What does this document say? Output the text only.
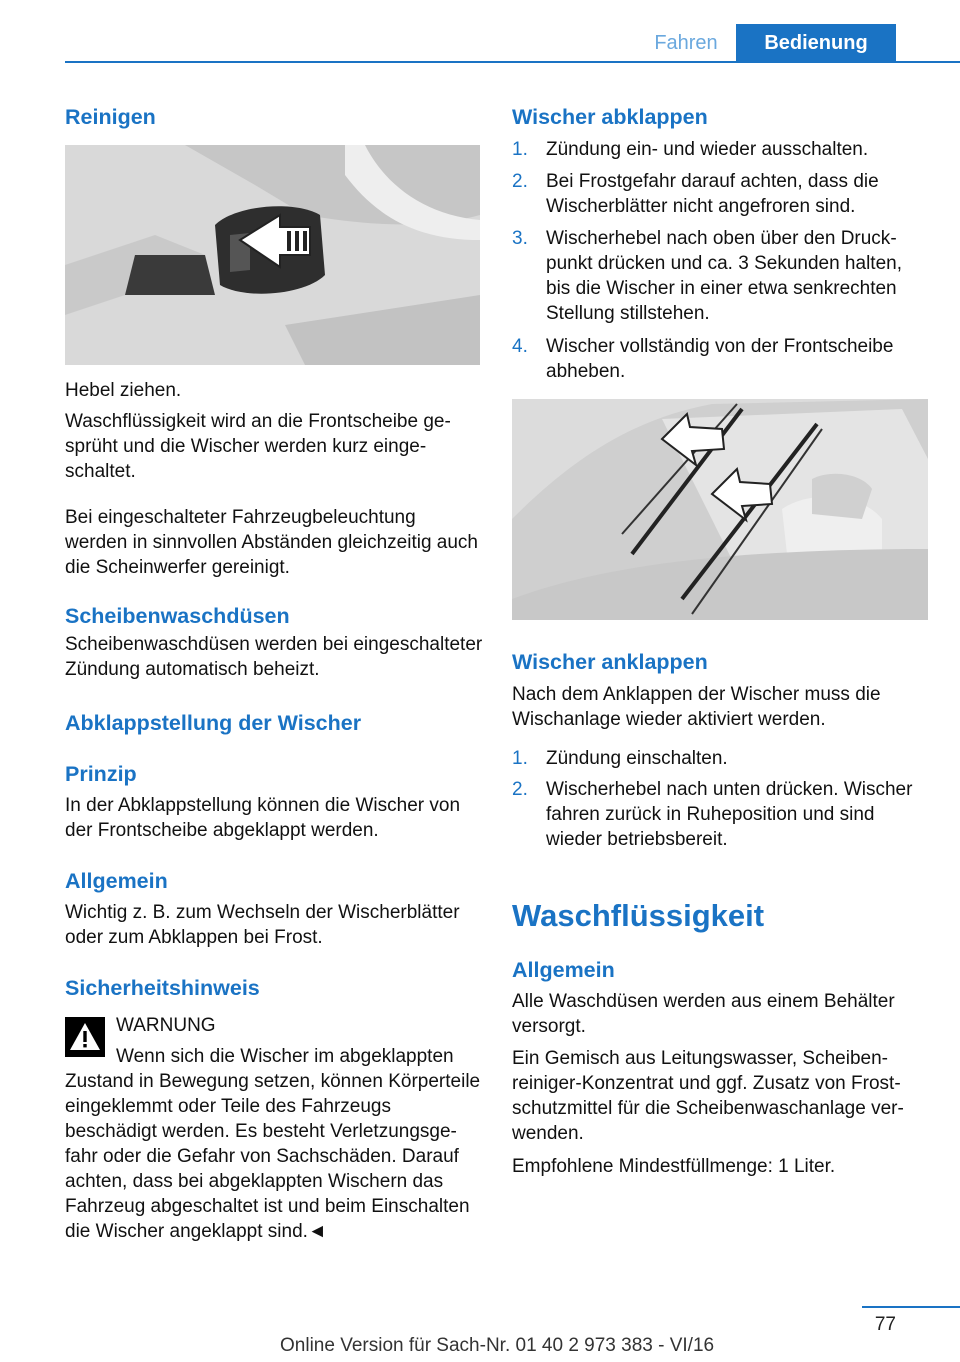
Fahren	Bedienung
Reinigen
Hebel ziehen.
Waschflüssigkeit wird an die Frontscheibe gesprüht und die Wischer werden kurz eingeschaltet.
Bei eingeschalteter Fahrzeugbeleuchtung werden in sinnvollen Abständen gleichzeitig auch die Scheinwerfer gereinigt.
Scheibenwaschdüsen
Scheibenwaschdüsen werden bei eingeschalteter Zündung automatisch beheizt.
Abklappstellung der Wischer
Prinzip
In der Abklappstellung können die Wischer von der Frontscheibe abgeklappt werden.
Allgemein
Wichtig z. B. zum Wechseln der Wischerblätter oder zum Abklappen bei Frost.
Sicherheitshinweis
WARNUNG
Wenn sich die Wischer im abgeklappten
Zustand in Bewegung setzen, können Körperteile eingeklemmt oder Teile des Fahrzeugs beschädigt werden. Es besteht Verletzungsgefahr oder die Gefahr von Sachschäden. Darauf achten, dass bei abgeklappten Wischern das Fahrzeug abgeschaltet ist und beim Einschalten die Wischer angeklappt sind.◄
Wischer abklappen
1. Zündung ein- und wieder ausschalten.
2. Bei Frostgefahr darauf achten, dass die Wischerblätter nicht angefroren sind.
3. Wischerhebel nach oben über den Druckpunkt drücken und ca. 3 Sekunden halten, bis die Wischer in einer etwa senkrechten Stellung stillstehen.
4. Wischer vollständig von der Frontscheibe abheben.
Wischer anklappen
Nach dem Anklappen der Wischer muss die Wischanlage wieder aktiviert werden.
1. Zündung einschalten.
2. Wischerhebel nach unten drücken. Wischer fahren zurück in Ruheposition und sind wieder betriebsbereit.
Waschflüssigkeit
Allgemein
Alle Waschdüsen werden aus einem Behälter versorgt.
Ein Gemisch aus Leitungswasser, Scheibenreiniger-Konzentrat und ggf. Zusatz von Frostschutzmittel für die Scheibenwaschanlage verwenden.
Empfohlene Mindestfüllmenge: 1 Liter.
77
Online Version für Sach-Nr. 01 40 2 973 383 - VI/16
